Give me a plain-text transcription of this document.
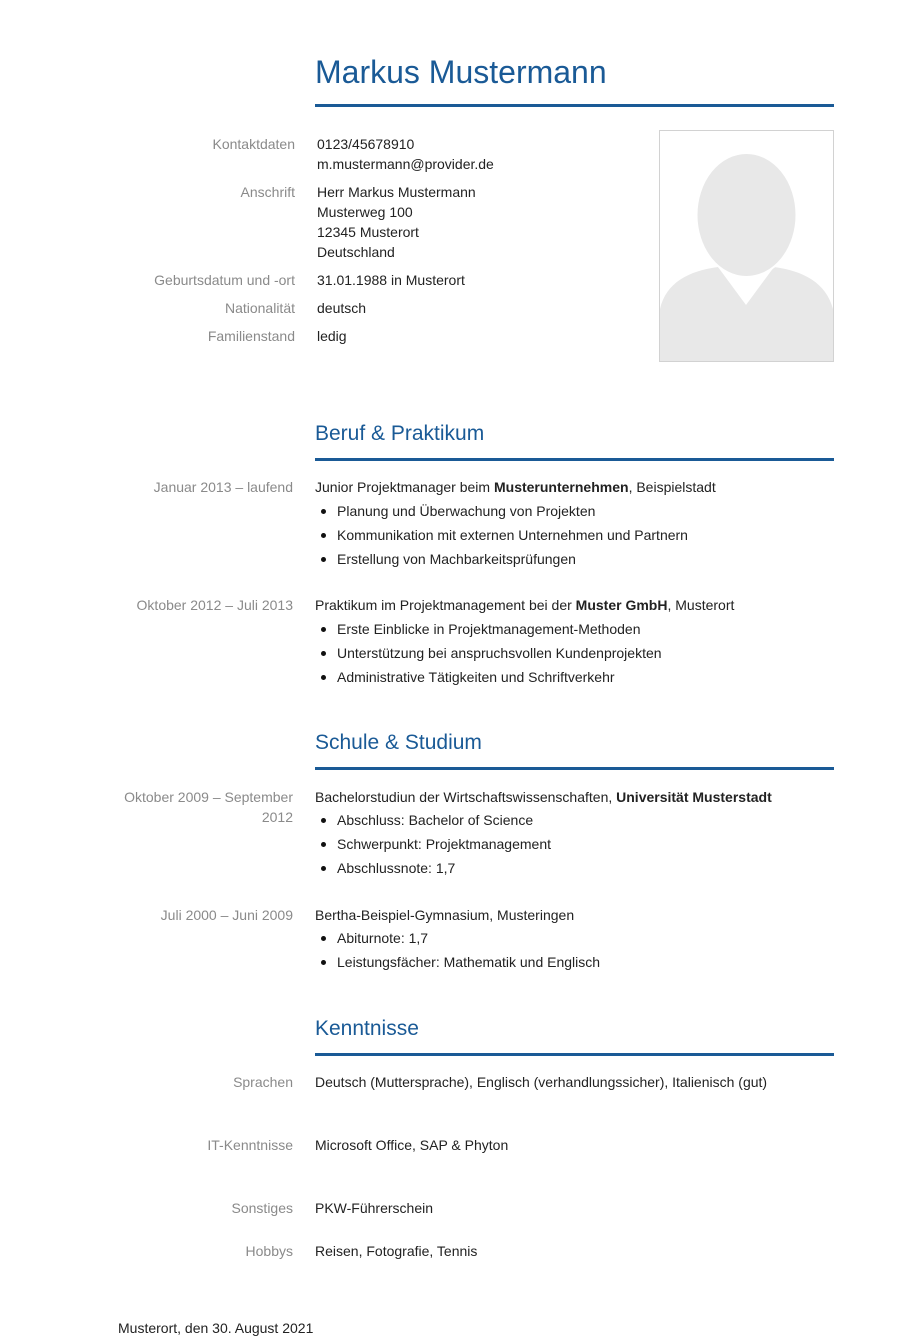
Markus Mustermann
Kontaktdaten 0123/45678910
m.mustermann@provider.de
Anschrift Herr Markus Mustermann
Musterweg 100
12345 Musterort
Deutschland
Geburtsdatum und -ort 31.01.1988 in Musterort
Nationalität deutsch
Familienstand ledig
Beruf & Praktikum
Januar 2013 – laufend Junior Projektmanager beim Musterunternehmen, Beispielstadt
Planung und Überwachung von Projekten
Kommunikation mit externen Unternehmen und Partnern
Erstellung von Machbarkeitsprüfungen
Oktober 2012 – Juli 2013 Praktikum im Projektmanagement bei der Muster GmbH, Musterort
Erste Einblicke in Projektmanagement-Methoden
Unterstützung bei anspruchsvollen Kundenprojekten
Administrative Tätigkeiten und Schriftverkehr
Schule & Studium
Oktober 2009 – September
2012
Bachelorstudiun der Wirtschaftswissenschaften, Universität Musterstadt
Abschluss: Bachelor of Science
Schwerpunkt: Projektmanagement
Abschlussnote: 1,7
Juli 2000 – Juni 2009 Bertha-Beispiel-Gymnasium, Musteringen
Abiturnote: 1,7
Leistungsfächer: Mathematik und Englisch
Kenntnisse
Sprachen Deutsch (Muttersprache), Englisch (verhandlungssicher), Italienisch (gut)
IT-Kenntnisse Microsoft Office, SAP & Phyton
Sonstiges PKW-Führerschein
Hobbys Reisen, Fotografie, Tennis
Musterort, den 30. August 2021
